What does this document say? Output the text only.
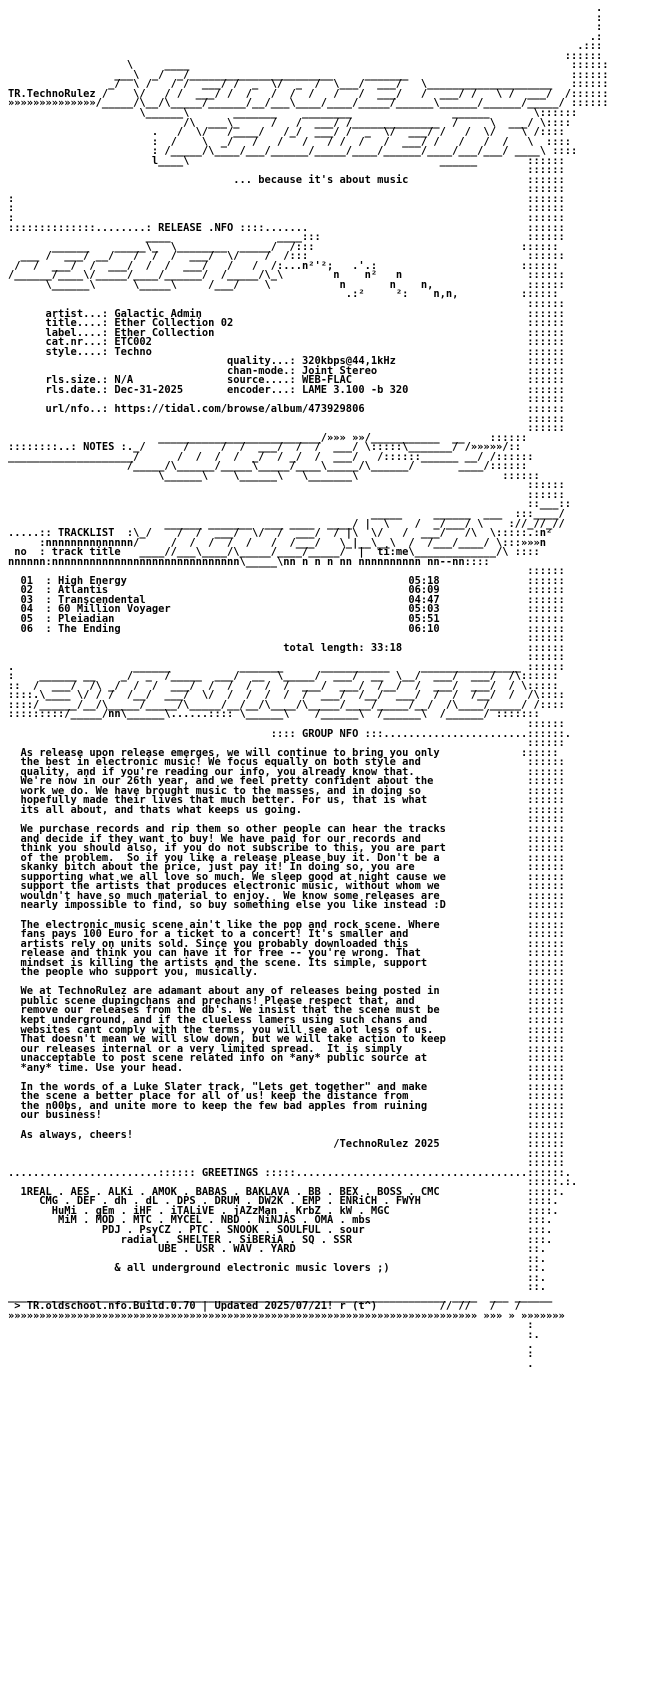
.
:
:
.:
.:::
::::::
\     ____                                                             ::::::
___\  _/  _/_______________________     _______                          ::::::
_/  \ /   / /  ___/ /  _  \/  _  /  \___/  ___/   \____________________   ::::::
TR.TechnoRulez /    \/   / /  ___/ /  /   /  /  /   /   /  ___/   /  ___/ /   \ /  ___/  /::::::
»»»»»»»»»»»»»»/_____/\__/\_____/______/__/___\____/____/_____/______\______/______/_____/ ::::::
\______\       _______    ________                ______       \::::::
/\  ___\_     /   /  ___/ /______________  /     \  ___/ \::::
.   /  \/   /____/   /_/  ___/ /  _  \/  ___/ /   /  \/    \ /::::
:  /    \  _/   /   /   /   / /  /   /  ___/ /   /   /  /   \  ::::
: /_____/\____/___/______/_____/____/______/____/___/___/ ____\ ::::
l____\                                        ______        ::::::
::::::
... because it's about music                   ::::::
::::::
:                                                                                  ::::::
:                                                                                  ::::::
:                                                                                  ::::::
::::::::::::::........: RELEASE .NFO ::::.......                                   ::::::
____                 ____:::                                 ::::::
______    _____\_  \________  _____/  /:::                                 ::::::
___ /  ___/ __/   /  /  /  ___/  \/    /  /:::                                   ::::::
/  /  ___/  /  ___/  /  /  ___/   /   /  /:...n²'²;   .'.:                       ::::::
/______/____\/_____/____/______/  /_____/\_\        n    n²   n                    ::::::
\______\      \_____\     /___/    \           n       n    n,               ::::::
.:²     ²:    n,n,          ::::::
::::::
artist...: Galactic Admin                                                    ::::::
title....: Ether Collection 02                                               ::::::
label....: Ether Collection                                                  ::::::
cat.nr...: ETC002                                                            ::::::
style....: Techno                                                            ::::::
quality...: 320kbps@44,1kHz                     ::::::
chan-mode.: Joint Stereo                        ::::::
rls.size.: N/A               source....: WEB-FLAC                            ::::::
rls.date.: Dec-31-2025       encoder...: LAME 3.100 -b 320                   ::::::
::::::
url/nfo..: https://tidal.com/browse/album/473929806                          ::::::
::::::
::::::
__________________________/»»» »»/___________  __    ::::::
::::::::..: NOTES :._/      /     /  /  ___/  /  /  ___/ \:::::\_______/ /»»»»»/::
____________________/      /  /  /  /  _/  / _/  /  ___/   /::::::______ __/ /::::::
/_____/\______/_____\_____/____\_____/\______/       ____/::::::
\______\    \______\   \_______\                       ::::::
::::::
::::::
::___::
_____     ______  ___  :::____/
______ _______  ___ ____  ____/ |  \    /  _/___/ \    ://_//_//
.....:: TRACKLIST  :\_/    /  /  ___/  \/  /  ___/  / |\  \/   /  ___/   /\  \:::::.:n²
:nnnnnnnnnnnnnn/     /  /  /  /  /   /  /___/   \_|__\__\  /  /___/____/ \:::»»»n
no  : track title   ____//___\____/\_____/____/_____/  |  ti:me\_____________/\ ::::
nnnnnn:nnnnnnnnnnnnnnnnnnnnnnnnnnnnnn\_____\nn n n n nn nnnnnnnnnn nn--nn::::
::::::
01  : High Energy                                             05:18              ::::::
02  : Atlantis                                                06:09              ::::::
03  : Transcendental                                          04:47              ::::::
04  : 60 Million Voyager                                      05:03              ::::::
05  : Pleiadian                                               05:51              ::::::
06  : The Ending                                              06:10              ::::::
::::::
total length: 33:18                    ::::::
::::::
.                   ______           _______      ___________     ________________ ::::::
:    ______ __    _/  _  /_____  ___/  __  \_____/  ___/  __  \__/  ___/  ___/  /\::::::
::  /  ___/  /\ _/  /  /  ___/  /  /  /  /  /  ___/  ___/  /__/  /  ___/  ___/  / \:::::
::::.\____ \/ / /  /__/  ___/  \/  /  /  /  /  /  ___/  /__/  ___/  /  /  /__/  /  /\::::
::::/______/__/\_____/_____/\_____/__/__/\____/\_____/____/_____/__/  /\____/_____/ /::::
:::::::::/_____/nn\______\......:::: \______\    /______\  /______\  /______/ :::::::
::::::
:::: GROUP NFO :::.......................::::::.
::::::
As release upon release emerges, we will continue to bring you only             ::::::
the best in electronic music! We focus equally on both style and                 ::::::
quality, and if you're reading our info, you already know that.                  ::::::
We're now in our 26th year, and we feel pretty confident about the               ::::::
work we do. We have brought music to the masses, and in doing so                 ::::::
hopefully made their lives that much better. For us, that is what                ::::::
its all about, and thats what keeps us going.                                    ::::::
::::::
We purchase records and rip them so other people can hear the tracks             ::::::
and decide if they want to buy! We have paid for our records and                 ::::::
think you should also, if you do not subscribe to this, you are part             ::::::
of the problem.  So if you like a release please buy it. Don't be a              ::::::
skanky bitch about the price, just pay it! In doing so, you are                  ::::::
supporting what we all love so much. We sleep good at night cause we             ::::::
support the artists that produces electronic music, without whom we              ::::::
wouldn't have so much material to enjoy.  We know some releases are              ::::::
nearly impossible to find, so buy something else you like instead :D             ::::::
::::::
The electronic music scene ain't like the pop and rock scene. Where              ::::::
fans pays 100 Euro for a ticket to a concert! It's smaller and                   ::::::
artists rely on units sold. Since you probably downloaded this                   ::::::
release and think you can have it for free -- you're wrong. That                 ::::::
mindset is killing the artists and the scene. Its simple, support                ::::::
the people who support you, musically.                                           ::::::
::::::
We at TechnoRulez are adamant about any of releases being posted in              ::::::
public scene dupingchans and prechans! Please respect that, and                  ::::::
remove our releases from the db's. We insist that the scene must be              ::::::
kept underground, and if the clueless lamers using such chans and                ::::::
websites cant comply with the terms, you will see alot less of us.               ::::::
That doesn't mean we will slow down, but we will take action to keep             ::::::
our releases internal or a very limited spread.  It is simply                    ::::::
unacceptable to post scene related info on *any* public source at                ::::::
*any* time. Use your head.                                                       ::::::
::::::
In the words of a Luke Slater track, "Lets get together" and make                ::::::
the scene a better place for all of us! keep the distance from                   ::::::
the n00bs, and unite more to keep the few bad apples from ruining                ::::::
our business!                                                                    ::::::
::::::
As always, cheers!                                                               ::::::
/TechnoRulez 2025              ::::::
::::::
::::::
........................:::::: GREETINGS :::::.....................................::::::.
:::::.:.
1REAL . AES . ALKi . AMOK . BABAS . BAKLAVA . BB . BEX . BOSS . CMC              :::::.
CMG . DEF . dh . dL . DPS . DRUM . DW2K . EMP . ENRiCH . FWYH                 ::::.
HuMi . gEm . iHF . iTALiVE . jAZzMan . KrbZ . kW . MGC                      ::::.
MiM . MOD . MTC . MYCEL . NBD . NiNJAS . OMA . mbs                         :::.
PDJ . PsyCZ . PTC . SNOOK . SOULFUL . sour                          :::.
radial . SHELTER . SiBERiA . SQ . SSR                            :::.
UBE . USR . WAV . YARD                                     ::.
::.
& all underground electronic music lovers ;)                      ::.
::.
::.
______________________________________________________________________ ____  ___ ______
> TR.oldschool.nfo.Build.0.70 | Updated 2025/07/21! r (t^)          // //   /   /
»»»»»»»»»»»»»»»»»»»»»»»»»»»»»»»»»»»»»»»»»»»»»»»»»»»»»»»»»»»»»»»»»»»»»»»»»»» »»» » »»»»»»»
:
:.
.
:
.
